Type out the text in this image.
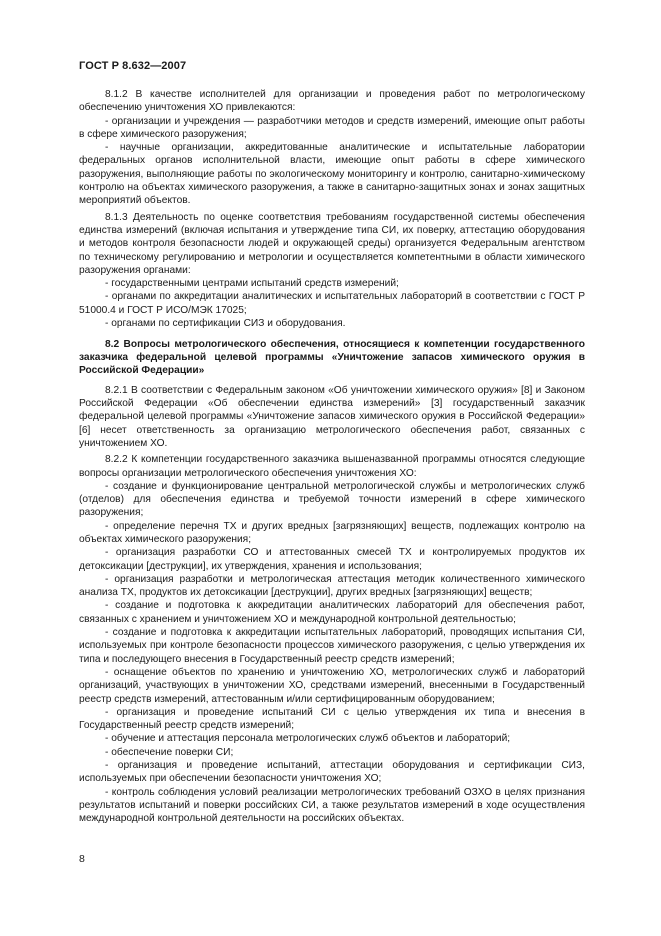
ГОСТ Р 8.632—2007

8.1.2 В качестве исполнителей для организации и проведения работ по метрологическому обеспечению уничтожения ХО привлекаются:

- организации и учреждения — разработчики методов и средств измерений, имеющие опыт работы в сфере химического разоружения;

- научные организации, аккредитованные аналитические и испытательные лаборатории федеральных органов исполнительной власти, имеющие опыт работы в сфере химического разоружения, выполняющие работы по экологическому мониторингу и контролю, санитарно-химическому контролю на объектах химического разоружения, а также в санитарно-защитных зонах и зонах защитных мероприятий объектов.

8.1.3 Деятельность по оценке соответствия требованиям государственной системы обеспечения единства измерений (включая испытания и утверждение типа СИ, их поверку, аттестацию оборудования и методов контроля безопасности людей и окружающей среды) организуется Федеральным агентством по техническому регулированию и метрологии и осуществляется компетентными в области химического разоружения органами:

- государственными центрами испытаний средств измерений;

- органами по аккредитации аналитических и испытательных лабораторий в соответствии с ГОСТ Р 51000.4 и ГОСТ Р ИСО/МЭК 17025;

- органами по сертификации СИЗ и оборудования.

8.2 Вопросы метрологического обеспечения, относящиеся к компетенции государственного заказчика федеральной целевой программы «Уничтожение запасов химического оружия в Российской Федерации»

8.2.1 В соответствии с Федеральным законом «Об уничтожении химического оружия» [8] и Законом Российской Федерации «Об обеспечении единства измерений» [3] государственный заказчик федеральной целевой программы «Уничтожение запасов химического оружия в Российской Федерации» [6] несет ответственность за организацию метрологического обеспечения работ, связанных с уничтожением ХО.

8.2.2 К компетенции государственного заказчика вышеназванной программы относятся следующие вопросы организации метрологического обеспечения уничтожения ХО:

- создание и функционирование центральной метрологической службы и метрологических служб (отделов) для обеспечения единства и требуемой точности измерений в сфере химического разоружения;

- определение перечня ТХ и других вредных [загрязняющих] веществ, подлежащих контролю на объектах химического разоружения;

- организация разработки СО и аттестованных смесей ТХ и контролируемых продуктов их детоксикации [деструкции], их утверждения, хранения и использования;

- организация разработки и метрологическая аттестация методик количественного химического анализа ТХ, продуктов их детоксикации [деструкции], других вредных [загрязняющих] веществ;

- создание и подготовка к аккредитации аналитических лабораторий для обеспечения работ, связанных с хранением и уничтожением ХО и международной контрольной деятельностью;

- создание и подготовка к аккредитации испытательных лабораторий, проводящих испытания СИ, используемых при контроле безопасности процессов химического разоружения, с целью утверждения их типа и последующего внесения в Государственный реестр средств измерений;

- оснащение объектов по хранению и уничтожению ХО, метрологических служб и лабораторий организаций, участвующих в уничтожении ХО, средствами измерений, внесенными в Государственный реестр средств измерений, аттестованным и/или сертифицированным оборудованием;

- организация и проведение испытаний СИ с целью утверждения их типа и внесения в Государственный реестр средств измерений;

- обучение и аттестация персонала метрологических служб объектов и лабораторий;

- обеспечение поверки СИ;

- организация и проведение испытаний, аттестации оборудования и сертификации СИЗ, используемых при обеспечении безопасности уничтожения ХО;

- контроль соблюдения условий реализации метрологических требований ОЗХО в целях признания результатов испытаний и поверки российских СИ, а также результатов измерений в ходе осуществления международной контрольной деятельности на российских объектах.

8
